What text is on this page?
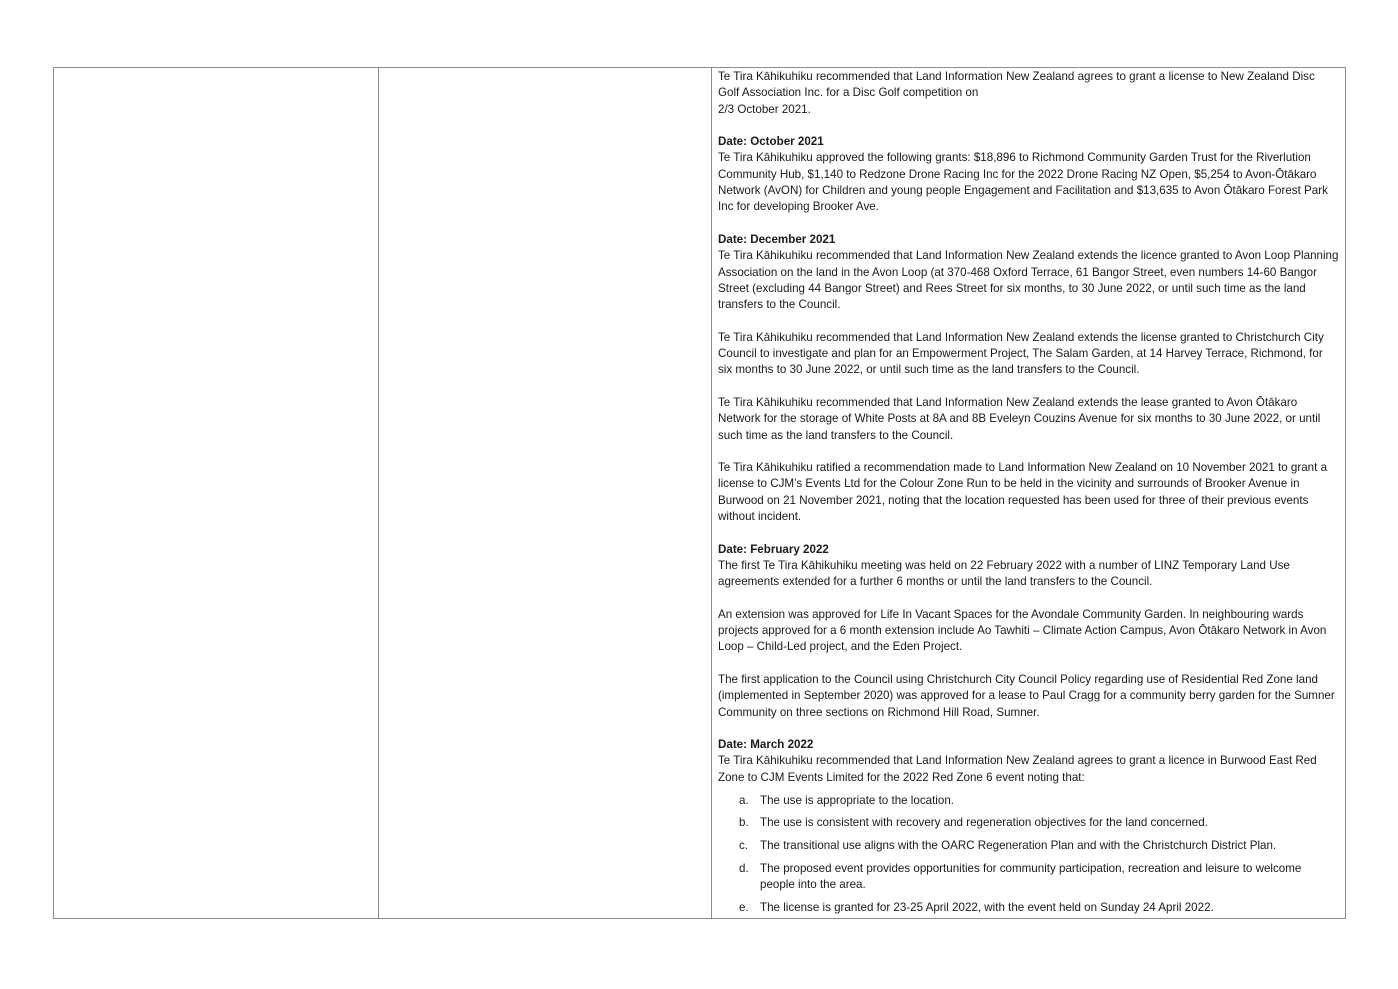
Te Tira Kāhikuhiku recommended that Land Information New Zealand agrees to grant a license to New Zealand Disc Golf Association Inc. for a Disc Golf competition on
2/3 October 2021.

Date: October 2021
Te Tira Kāhikuhiku approved the following grants: $18,896 to Richmond Community Garden Trust for the Riverlution Community Hub, $1,140 to Redzone Drone Racing Inc for the 2022 Drone Racing NZ Open, $5,254 to Avon-Ōtākaro Network (AvON) for Children and young people Engagement and Facilitation and $13,635 to Avon Ōtākaro Forest Park Inc for developing Brooker Ave.

Date: December 2021
Te Tira Kāhikuhiku recommended that Land Information New Zealand extends the licence granted to Avon Loop Planning Association on the land in the Avon Loop (at 370-468 Oxford Terrace, 61 Bangor Street, even numbers 14-60 Bangor Street (excluding 44 Bangor Street) and Rees Street for six months, to 30 June 2022, or until such time as the land transfers to the Council.

Te Tira Kāhikuhiku recommended that Land Information New Zealand extends the license granted to Christchurch City Council to investigate and plan for an Empowerment Project, The Salam Garden, at 14 Harvey Terrace, Richmond, for six months to 30 June 2022, or until such time as the land transfers to the Council.

Te Tira Kāhikuhiku recommended that Land Information New Zealand extends the lease granted to Avon Ōtākaro Network for the storage of White Posts at 8A and 8B Eveleyn Couzins Avenue for six months to 30 June 2022, or until such time as the land transfers to the Council.

Te Tira Kāhikuhiku ratified a recommendation made to Land Information New Zealand on 10 November 2021 to grant a license to CJM’s Events Ltd for the Colour Zone Run to be held in the vicinity and surrounds of Brooker Avenue in Burwood on 21 November 2021, noting that the location requested has been used for three of their previous events without incident.

Date: February 2022
The first Te Tira Kāhikuhiku meeting was held on 22 February 2022 with a number of LINZ Temporary Land Use agreements extended for a further 6 months or until the land transfers to the Council.

An extension was approved for Life In Vacant Spaces for the Avondale Community Garden. In neighbouring wards projects approved for a 6 month extension include Ao Tawhiti – Climate Action Campus, Avon Ōtākaro Network in Avon Loop – Child-Led project, and the Eden Project.

The first application to the Council using Christchurch City Council Policy regarding use of Residential Red Zone land (implemented in September 2020) was approved for a lease to Paul Cragg for a community berry garden for the Sumner Community on three sections on Richmond Hill Road, Sumner.

Date: March 2022
Te Tira Kāhikuhiku recommended that Land Information New Zealand agrees to grant a licence in Burwood East Red Zone to CJM Events Limited for the 2022 Red Zone 6 event noting that:

a. The use is appropriate to the location.
b. The use is consistent with recovery and regeneration objectives for the land concerned.
c.	The transitional use aligns with the OARC Regeneration Plan and with the Christchurch District Plan.
d. The proposed event provides opportunities for community participation, recreation and leisure to welcome people into the area.
e. The license is granted for 23-25 April 2022, with the event held on Sunday 24 April 2022.
